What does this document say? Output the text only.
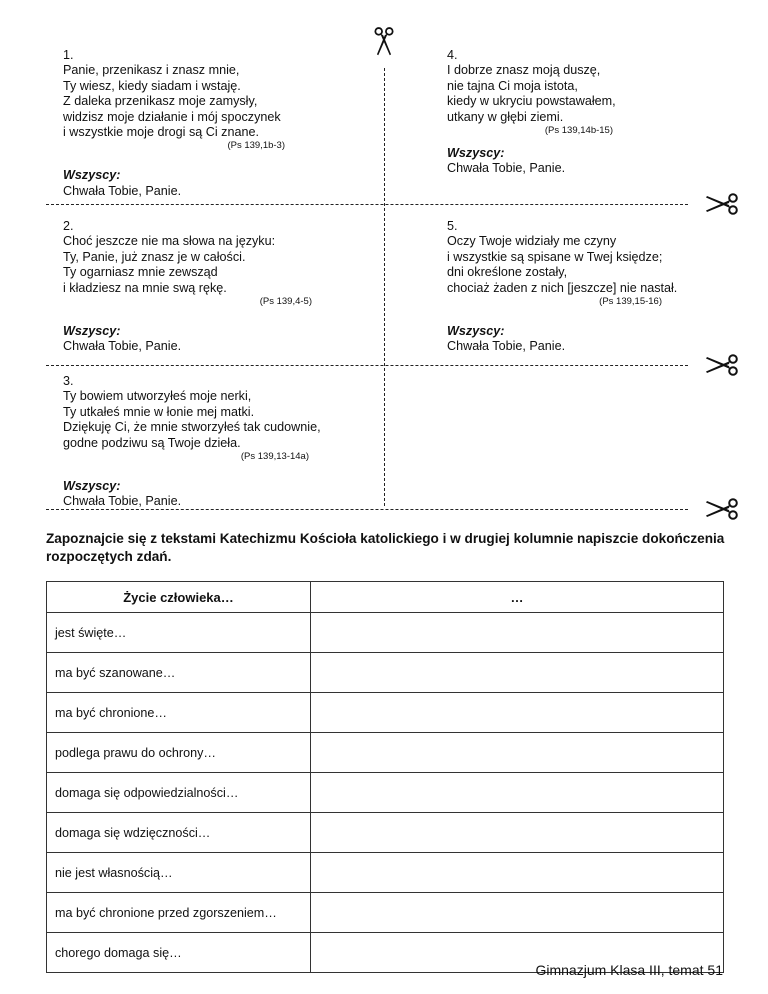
1.
Panie, przenikasz i znasz mnie,
Ty wiesz, kiedy siadam i wstaję.
Z daleka przenikasz moje zamysły,
widzisz moje działanie i mój spoczynek
i wszystkie moje drogi są Ci znane.
(Ps 139,1b-3)
Wszyscy:
Chwała Tobie, Panie.
4.
I dobrze znasz moją duszę,
nie tajna Ci moja istota,
kiedy w ukryciu powstawałem,
utkany w głębi ziemi.
(Ps 139,14b-15)
Wszyscy:
Chwała Tobie, Panie.
2.
Choć jeszcze nie ma słowa na języku:
Ty, Panie, już znasz je w całości.
Ty ogarniasz mnie zewsząd
i kładziesz na mnie swą rękę.
(Ps 139,4-5)
Wszyscy:
Chwała Tobie, Panie.
5.
Oczy Twoje widziały me czyny
i wszystkie są spisane w Twej księdze;
dni określone zostały,
chociaż żaden z nich [jeszcze] nie nastał.
(Ps 139,15-16)
Wszyscy:
Chwała Tobie, Panie.
3.
Ty bowiem utworzyłeś moje nerki,
Ty utkałeś mnie w łonie mej matki.
Dziękuję Ci, że mnie stworzyłeś tak cudownie,
godne podziwu są Twoje dzieła.
(Ps 139,13-14a)
Wszyscy:
Chwała Tobie, Panie.
Zapoznajcie się z tekstami Katechizmu Kościoła katolickiego i w drugiej kolumnie napiszcie dokończenia rozpoczętych zdań.
Życie człowieka…	…
jest święte…	
ma być szanowane…	
ma być chronione…	
podlega prawu do ochrony…	
domaga się odpowiedzialności…	
domaga się wdzięczności…	
nie jest własnością…	
ma być chronione przed zgorszeniem…	
chorego domaga się…	
Gimnazjum Klasa III, temat 51
